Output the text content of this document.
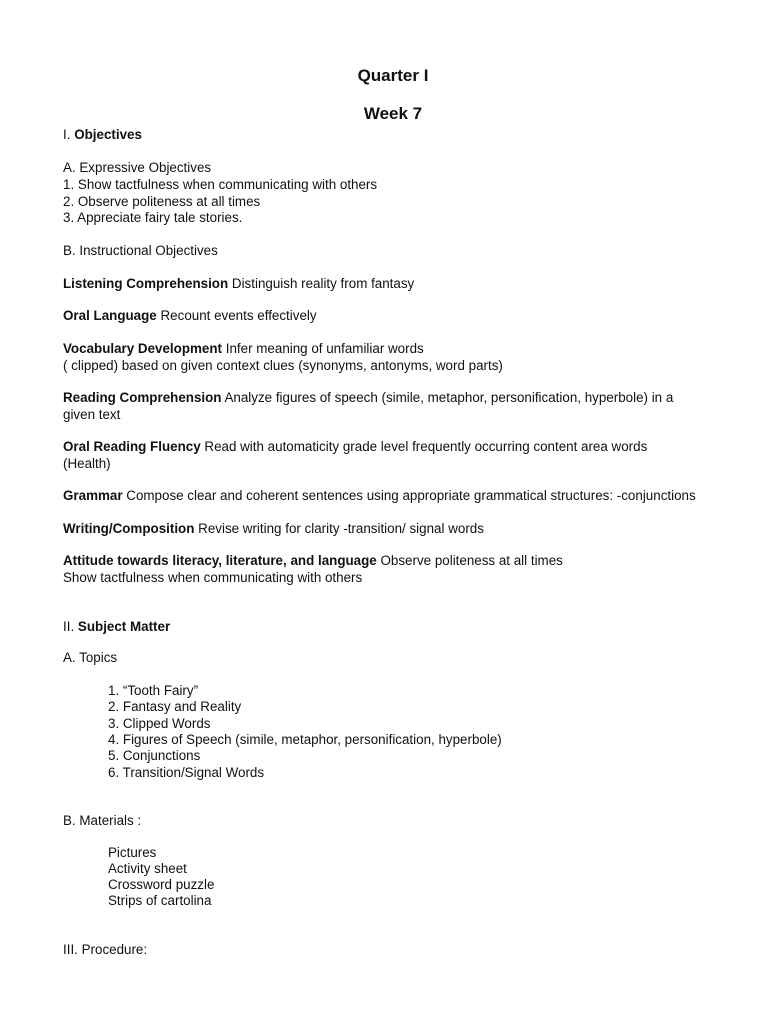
Quarter I
Week 7
I. Objectives
A. Expressive Objectives
1. Show tactfulness when communicating with others
2. Observe politeness at all times
3. Appreciate fairy tale stories.
B. Instructional Objectives
Listening Comprehension Distinguish reality from fantasy
Oral Language Recount events effectively
Vocabulary Development Infer meaning of unfamiliar words
( clipped) based on given context clues (synonyms, antonyms, word parts)
Reading Comprehension Analyze figures of speech (simile, metaphor, personification, hyperbole) in a
given text
Oral Reading Fluency Read with automaticity grade level frequently occurring content area words
(Health)
Grammar Compose clear and coherent sentences using appropriate grammatical structures: -conjunctions
Writing/Composition Revise writing for clarity -transition/ signal words
Attitude towards literacy, literature, and language Observe politeness at all times
Show tactfulness when communicating with others
II. Subject Matter
A. Topics
1. “Tooth Fairy”
2. Fantasy and Reality
3. Clipped Words
4. Figures of Speech (simile, metaphor, personification, hyperbole)
5. Conjunctions
6. Transition/Signal Words
B. Materials :
Pictures
Activity sheet
Crossword puzzle
Strips of cartolina
III. Procedure:
